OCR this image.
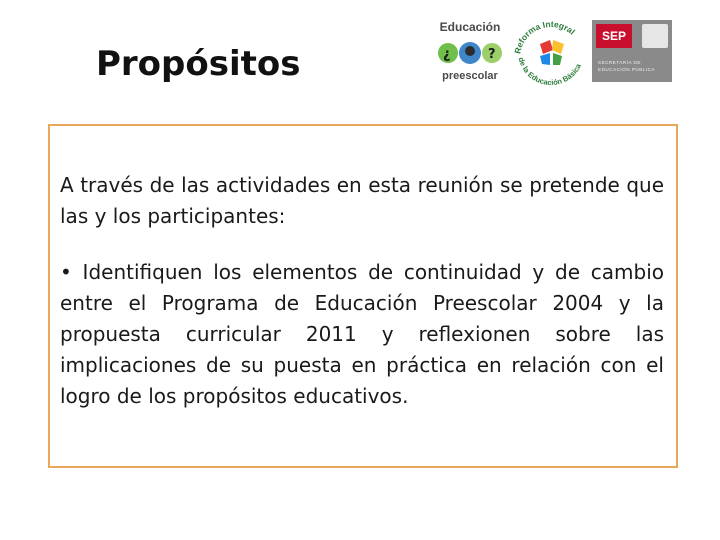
Propósitos
Educación
¿	?
preescolar
Reforma Integral
de la Educación Básica
SEP
SECRETARÍA DE
EDUCACIÓN PÚBLICA

A través de las actividades en esta reunión se pretende que las y los participantes:

• Identifiquen los elementos de continuidad y de cambio entre el Programa de Educación Preescolar 2004 y la propuesta curricular 2011 y reflexionen sobre las implicaciones de su puesta en práctica en relación con el logro de los propósitos educativos.
